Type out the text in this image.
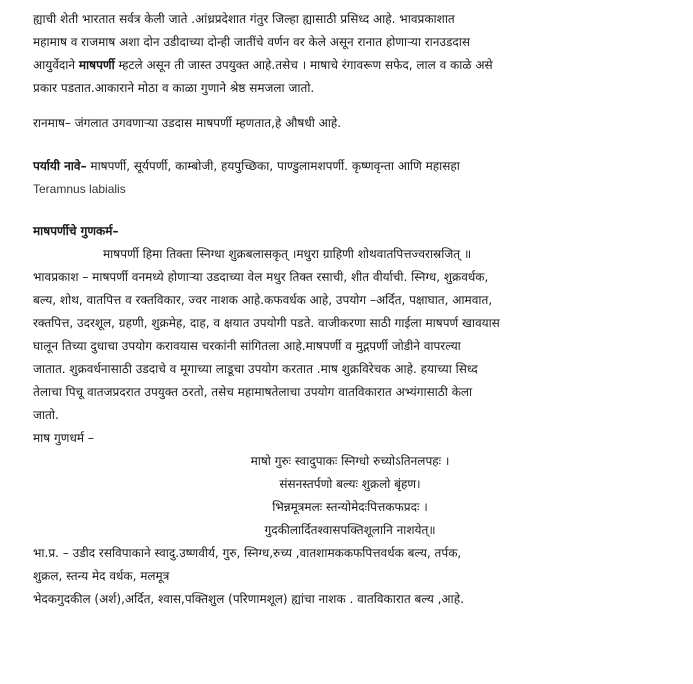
ह्याची शेती भारतात सर्वत्र केली जाते .आंध्रप्रदेशात गंतुर जिल्हा ह्यासाठी प्रसिध्द आहे. भावप्रकाशात

महामाष व राजमाष अशा दोन उडीदाच्या दोन्ही जातींचे वर्णन वर केले असून रानात होणाऱ्या रानउडदास

आयुर्वेदाने माषपर्णी म्हटले असून ती जास्त उपयुक्त आहे.तसेच । माषाचे रंगावरूण सफेद, लाल व काळे असे

प्रकार पडतात.आकाराने मोठा व काळा गुणाने श्रेष्ठ समजला जातो.

रानमाष– जंगलात उगवणाऱ्या उडदास माषपर्णी म्हणतात,हे औषधी आहे.

पर्यायी नावे– माषपर्णी, सूर्यपर्णी, काम्बोजी, हयपुच्छिका, पाण्डुलामशपर्णी. कृष्णवृन्ता आणि महासहा

Teramnus labialis

माषपर्णीचे गुणकर्म–

माषपर्णी हिमा तिक्ता स्निग्धा शुक्रबलासकृत् ।मधुरा ग्राहिणी शोथवातपित्तज्वरास्रजित् ॥

भावप्रकाश – माषपर्णी वनमध्ये होणाऱ्या उडदाच्या वेल मधुर तिक्त रसाची, शीत वीर्याची. स्निग्ध, शुक्रवर्धक,

बल्य, शोथ, वातपित्त व रक्तविकार, ज्वर नाशक आहे.कफवर्धक आहे, उपयोग –अर्दित, पक्षाघात, आमवात,

रक्तपित्त, उदरशूल, ग्रहणी, शुक्रमेह, दाह, व क्षयात उपयोगी पडते. वाजीकरणा साठी गाईला माषपर्ण खावयास

घालून तिच्या दुधाचा उपयोग करावयास चरकांनी सांगितला आहे.माषपर्णी व मुद्गपर्णी जोडीने वापरल्या

जातात. शुक्रवर्धनासाठी उडदाचे व मूगाच्या लाडूचा उपयोग करतात .माष शुक्रविरेचक आहे. हयाच्या सिध्द

तेलाचा पिचू वातजप्रदरात उपयुक्त ठरतो, तसेच महामाषतेलाचा उपयोग वातविकारात अभ्यंगासाठी केला

जातो.

माष गुणधर्म –

माषो गुरुः स्वादुपाकः स्निग्धो रुच्योऽतिनलपहः ।

संसनस्तर्पणो बल्यः शुक्रलो बृंहण।

भिन्नमूत्रमलः स्तन्योमेदःपित्तकफप्रदः ।

गुदकीलार्दितश्वासपक्तिशूलानि नाशयेत्॥

भा.प्र. – उडीद रसविपाकाने स्वादु.उष्णवीर्य, गुरु, स्निग्ध,रुच्य ,वातशामककफपित्तवर्धक बल्य, तर्पक,

शुक्रल, स्तन्य मेद वर्धक, मलमूत्र

भेदकगुदकील (अर्श),अर्दित, श्वास,पक्तिशुल (परिणामशूल) ह्यांचा नाशक . वातविकारात बल्य ,आहे.
